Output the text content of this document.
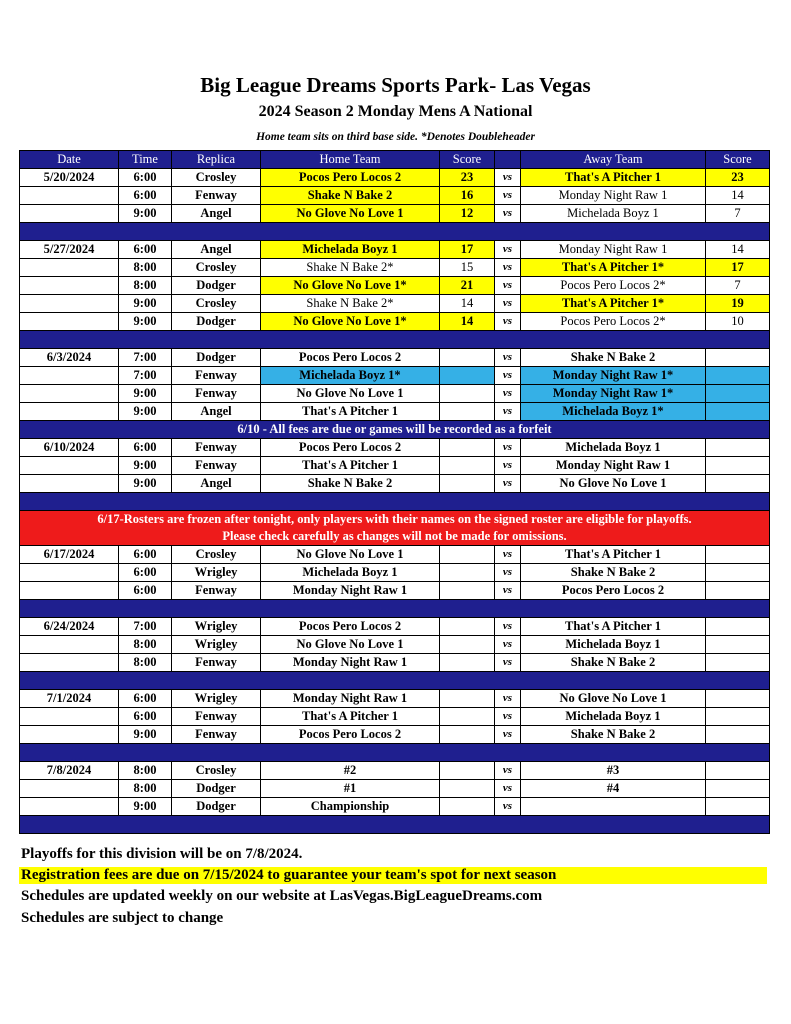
Big League Dreams Sports Park- Las Vegas
2024 Season 2 Monday Mens A National
Home team sits on third base side. *Denotes Doubleheader
Date	Time	Replica	Home Team	Score		Away Team	Score
5/20/2024	6:00	Crosley	Pocos Pero Locos 2	23	vs	That's A Pitcher 1	23
	6:00	Fenway	Shake N Bake 2	16	vs	Monday Night Raw 1	14
	9:00	Angel	No Glove No Love 1	12	vs	Michelada Boyz 1	7

5/27/2024	6:00	Angel	Michelada Boyz 1	17	vs	Monday Night Raw 1	14
	8:00	Crosley	Shake N Bake 2*	15	vs	That's A Pitcher 1*	17
	8:00	Dodger	No Glove No Love 1*	21	vs	Pocos Pero Locos 2*	7
	9:00	Crosley	Shake N Bake 2*	14	vs	That's A Pitcher 1*	19
	9:00	Dodger	No Glove No Love 1*	14	vs	Pocos Pero Locos 2*	10

6/3/2024	7:00	Dodger	Pocos Pero Locos 2		vs	Shake N Bake 2	
	7:00	Fenway	Michelada Boyz 1*		vs	Monday Night Raw 1*	
	9:00	Fenway	No Glove No Love 1		vs	Monday Night Raw 1*	
	9:00	Angel	That's A Pitcher 1		vs	Michelada Boyz 1*	
6/10 - All fees are due or games will be recorded as a forfeit							
6/10/2024	6:00	Fenway	Pocos Pero Locos 2		vs	Michelada Boyz 1	
	9:00	Fenway	That's A Pitcher 1		vs	Monday Night Raw 1	
	9:00	Angel	Shake N Bake 2		vs	No Glove No Love 1	

6/17-Rosters are frozen after tonight, only players with their names on the signed roster are eligible for playoffs.
Please check carefully as changes will not be made for omissions.							

6/17/2024	6:00	Crosley	No Glove No Love 1		vs	That's A Pitcher 1	
	6:00	Wrigley	Michelada Boyz 1		vs	Shake N Bake 2	
	6:00	Fenway	Monday Night Raw 1		vs	Pocos Pero Locos 2	

6/24/2024	7:00	Wrigley	Pocos Pero Locos 2		vs	That's A Pitcher 1	
	8:00	Wrigley	No Glove No Love 1		vs	Michelada Boyz 1	
	8:00	Fenway	Monday Night Raw 1		vs	Shake N Bake 2	

7/1/2024	6:00	Wrigley	Monday Night Raw 1		vs	No Glove No Love 1	
	6:00	Fenway	That's A Pitcher 1		vs	Michelada Boyz 1	
	9:00	Fenway	Pocos Pero Locos 2		vs	Shake N Bake 2	

7/8/2024	8:00	Crosley	#2		vs	#3	
	8:00	Dodger	#1		vs	#4	
	9:00	Dodger	Championship		vs		

Playoffs for this division will be on 7/8/2024.
Registration fees are due on 7/15/2024 to guarantee your team's spot for next season
Schedules are updated weekly on our website at LasVegas.BigLeagueDreams.com
Schedules are subject to change
